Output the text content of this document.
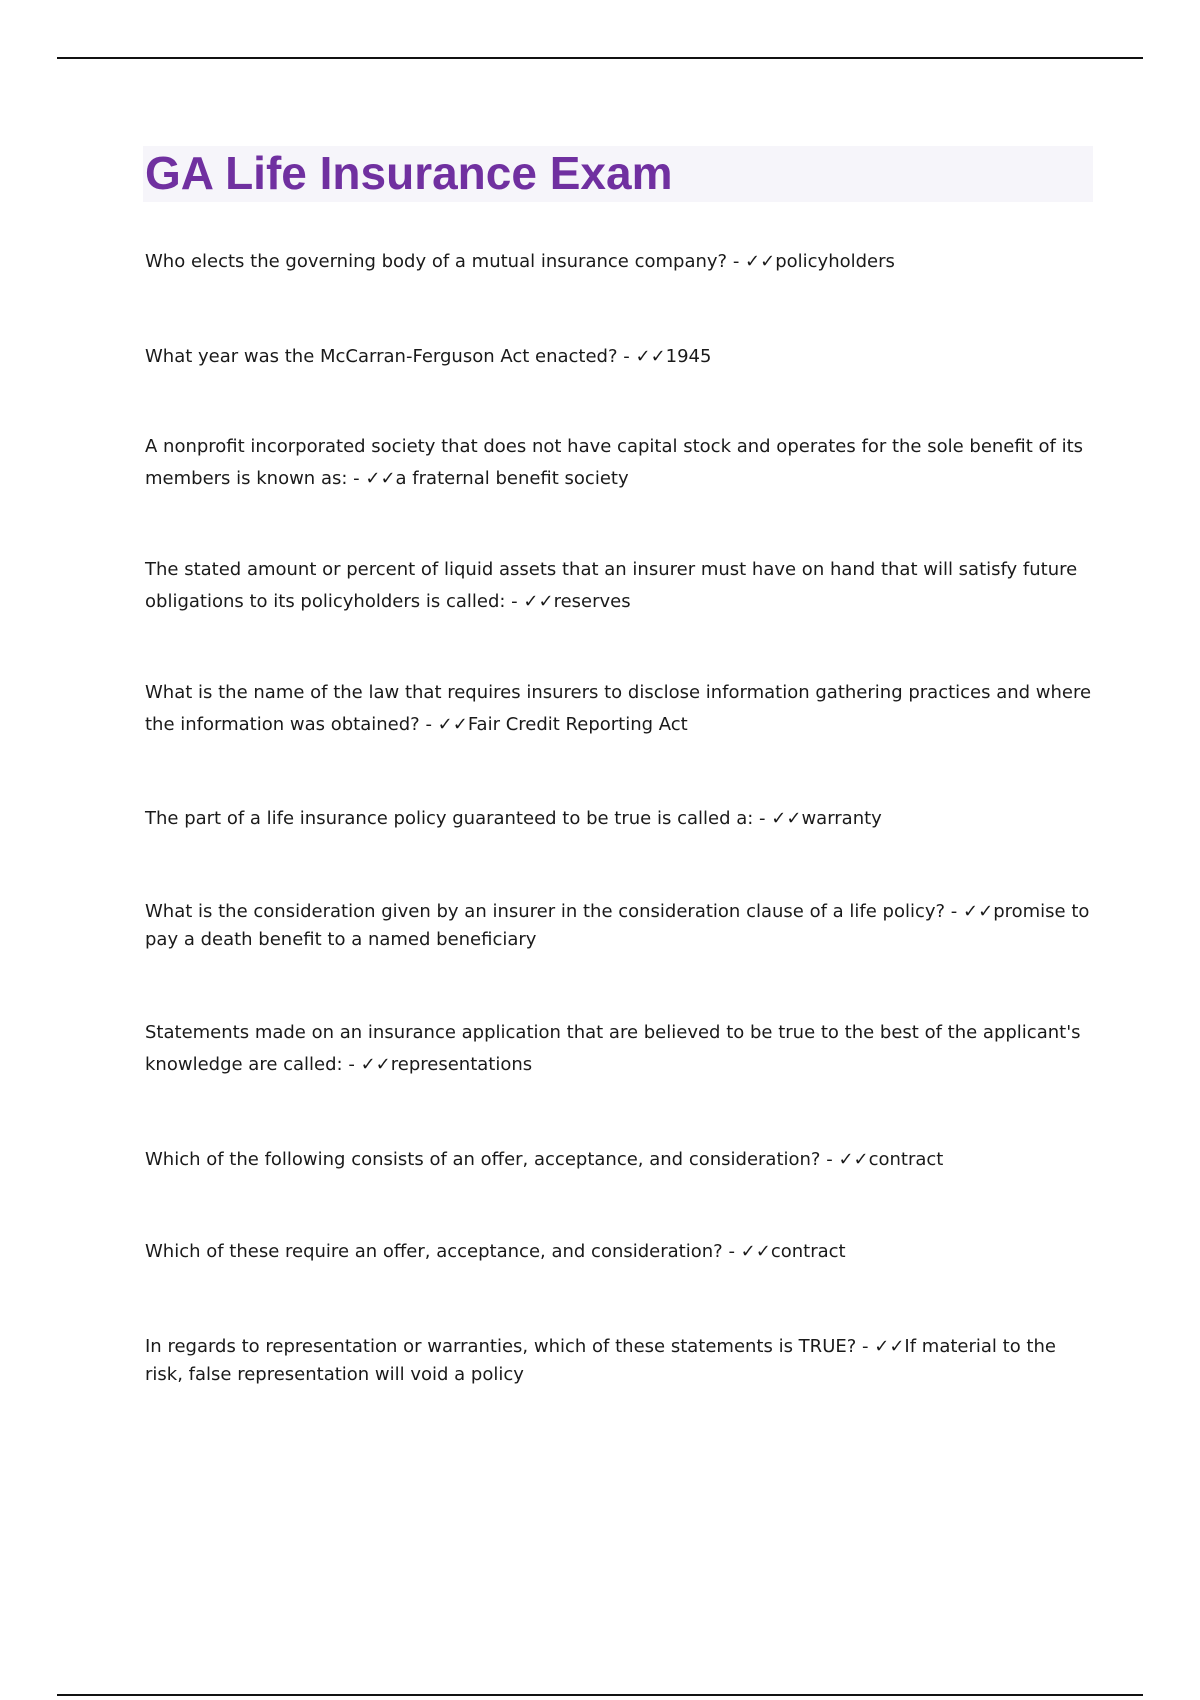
GA Life Insurance Exam

Who elects the governing body of a mutual insurance company? - ✓✓policyholders

What year was the McCarran-Ferguson Act enacted? - ✓✓1945

A nonprofit incorporated society that does not have capital stock and operates for the sole benefit of its members is known as: - ✓✓a fraternal benefit society

The stated amount or percent of liquid assets that an insurer must have on hand that will satisfy future obligations to its policyholders is called: - ✓✓reserves

What is the name of the law that requires insurers to disclose information gathering practices and where the information was obtained? - ✓✓Fair Credit Reporting Act

The part of a life insurance policy guaranteed to be true is called a: - ✓✓warranty

What is the consideration given by an insurer in the consideration clause of a life policy? - ✓✓promise to pay a death benefit to a named beneficiary

Statements made on an insurance application that are believed to be true to the best of the applicant's knowledge are called: - ✓✓representations

Which of the following consists of an offer, acceptance, and consideration? - ✓✓contract

Which of these require an offer, acceptance, and consideration? - ✓✓contract

In regards to representation or warranties, which of these statements is TRUE? - ✓✓If material to the risk, false representation will void a policy
